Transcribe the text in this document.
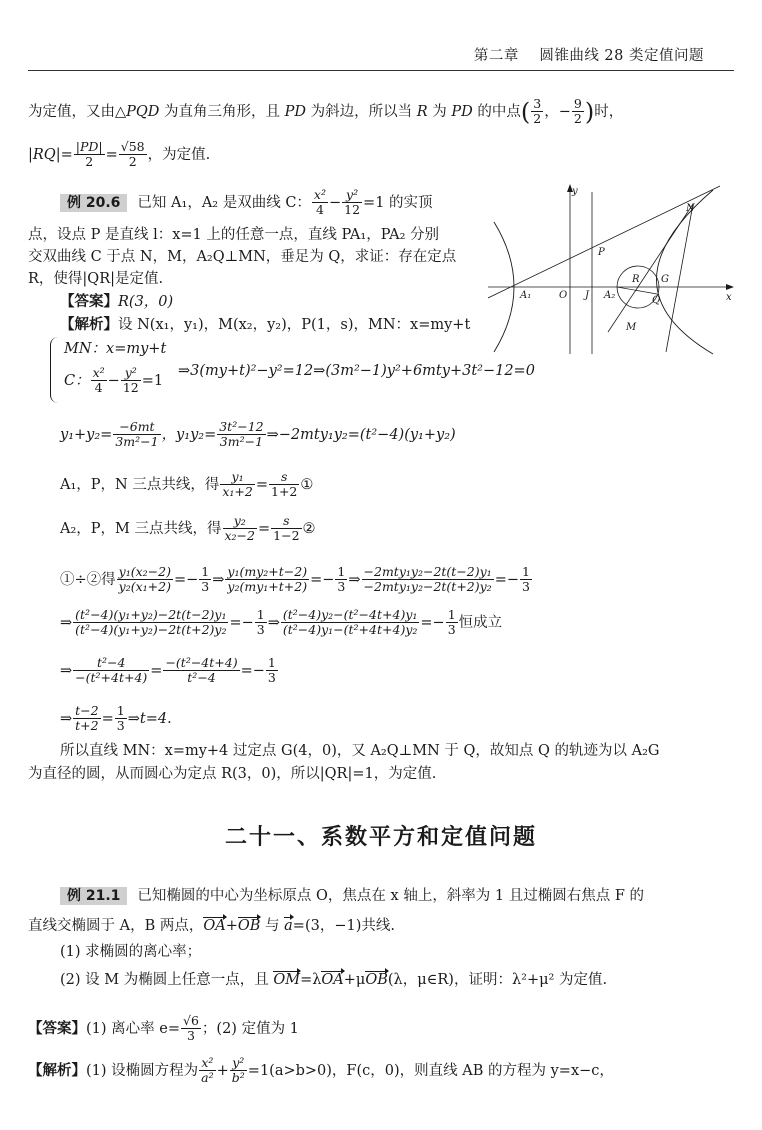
第二章 圆锥曲线 28 类定值问题
为定值，又由△PQD 为直角三角形，且 PD 为斜边，所以当 R 为 PD 的中点( $\frac{3}{2}$ ，− $\frac{9}{2}$ )时，
$|RQ|= \frac{|PD|}{2} = \frac{√58}{2}$ ，为定值.
例 20.6 已知 A₁，A₂ 是双曲线 C： $\frac{\text{x²}}{4} - \frac{\text{y²}}{12} =1$ 的实顶
点，设点 P 是直线 l：x=1 上的任意一点，直线 PA₁，PA₂ 分别
交双曲线 C 于点 N，M，A₂Q⊥MN，垂足为 Q，求证：存在定点
R，使得|QR|是定值.
【答案】R(3，0)
【解析】设 N(x₁，y₁)，M(x₂，y₂)，P(1，s)，MN：x=my+t
MN：x=my+t
C： $\frac{\text{x²}}{4} - \frac{\text{y²}}{12} =1$
⇒3(my+t)²−y²=12⇒(3m²−1)y²+6mty+3t²−12=0
$y_1+y_2= \frac{-6mt}{\text{3m²−1}}$ ，$y_1y_2= \frac{\text{3t²−12}}{\text{3m²−1}}$ ⇒−2mty₁y₂=(t²−4)(y₁+y₂)
A₁，P，N 三点共线，得 $\frac{\text{y₁}}{\text{x₁+2}} = \frac{s}{1+2}$ ①
A₂，P，M 三点共线，得 $\frac{\text{y₂}}{\text{x₂−2}} = \frac{s}{1-2}$ ②
①÷②得 $\frac{\text{y₁(x₂−2)}}{\text{y₂(x₁+2)}} =- \frac{1}{3}$ ⇒ $\frac{\text{y₁(my₂+t−2)}}{\text{y₂(my₁+t+2)}} =- \frac{1}{3}$ ⇒ $\frac{\text{−2mty₁y₂−2t(t−2)y₁}}{\text{−2mty₁y₂−2t(t+2)y₂}} =- \frac{1}{3}$
⇒ $\frac{\text{(t²−4)(y₁+y₂)−2t(t−2)y₁}}{\text{(t²−4)(y₁+y₂)−2t(t+2)y₂}} =- \frac{1}{3}$ ⇒ $\frac{\text{(t²−4)y₂−(t²−4t+4)y₁}}{\text{(t²−4)y₁−(t²+4t+4)y₂}} =- \frac{1}{3}$ 恒成立
⇒ $\frac{\text{t²−4}}{\text{−(t²+4t+4)}} = \frac{\text{−(t²−4t+4)}}{\text{t²−4}} =- \frac{1}{3}$
⇒ $\frac{t-2}{t+2} = \frac{1}{3}$ ⇒t=4.
所以直线 MN：x=my+4 过定点 G(4，0)，又 A₂Q⊥MN 于 Q，故知点 Q 的轨迹为以 A₂G
为直径的圆，从而圆心为定点 R(3，0)，所以|QR|=1，为定值.
y
x
N
P
R G
Q
M
A₁	O J A₂
二十一、系数平方和定值问题
例 21.1 已知椭圆的中心为坐标原点 O，焦点在 x 轴上，斜率为 1 且过椭圆右焦点 F 的
直线交椭圆于 A，B 两点，OA+OB 与 a=(3，−1)共线.
(1) 求椭圆的离心率；
(2) 设 M 为椭圆上任意一点，且 OM=λOA+μOB(λ，μ∈R)，证明：λ²+μ² 为定值.
【答案】(1) 离心率 $e= \frac{√6}{3}$ ；(2) 定值为 1
【解析】(1) 设椭圆方程为 $\frac{\text{x²}}{\text{a²}} + \frac{\text{y²}}{\text{b²}} =1(a>b>0)$，F(c，0)，则直线 AB 的方程为 y=x−c，
